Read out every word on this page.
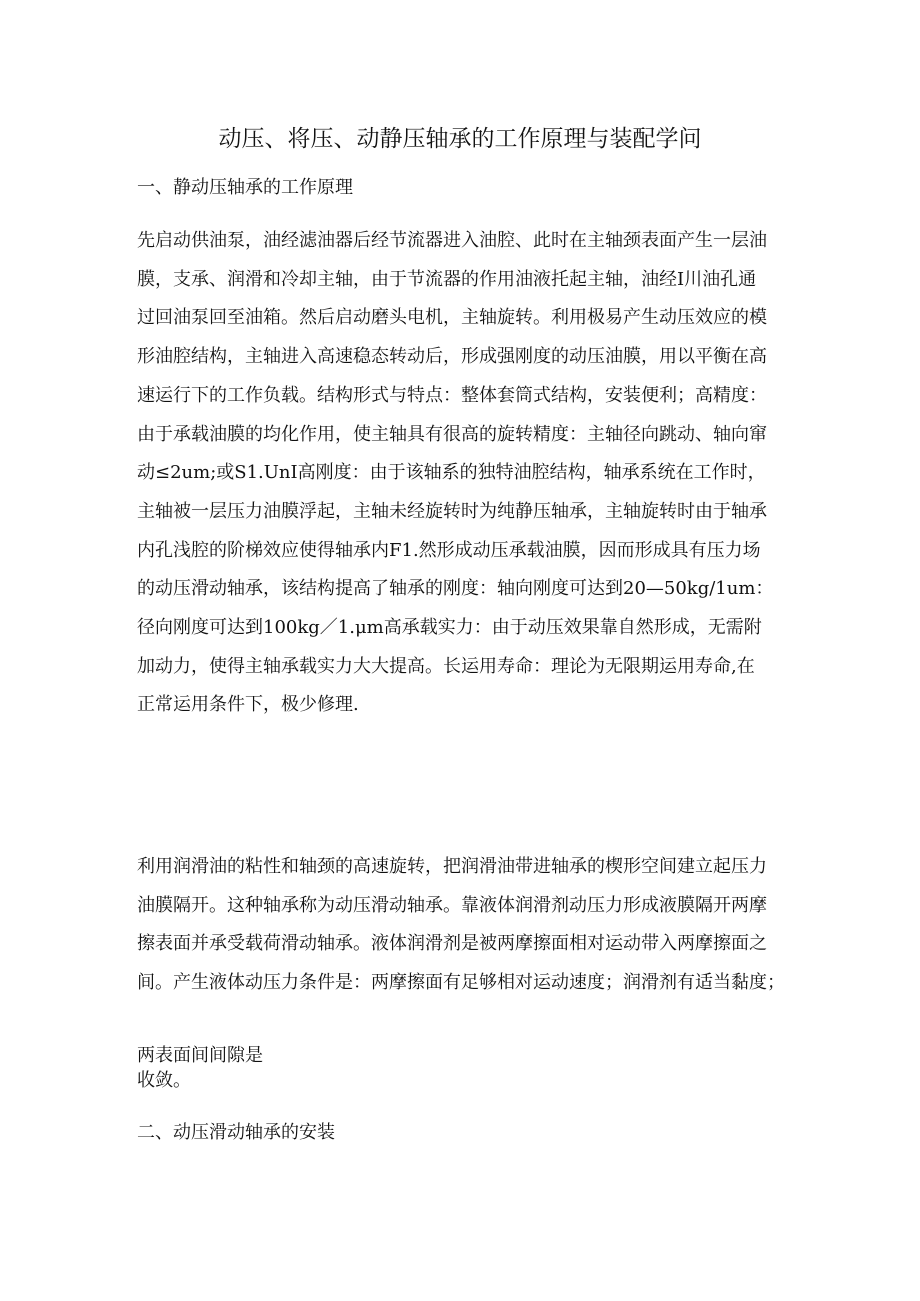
动压、将压、动静压轴承的工作原理与装配学问
一、静动压轴承的工作原理
先启动供油泵，油经滤油器后经节流器进入油腔、此时在主轴颈表面产生一层油
膜，支承、润滑和冷却主轴，由于节流器的作用油液托起主轴，油经I川油孔通
过回油泵回至油箱。然后启动磨头电机，主轴旋转。利用极易产生动压效应的模
形油腔结构，主轴进入高速稳态转动后，形成强刚度的动压油膜，用以平衡在高
速运行下的工作负载。结构形式与特点：整体套筒式结构，安装便利；高精度：
由于承载油膜的均化作用，使主轴具有很高的旋转精度：主轴径向跳动、轴向窜
动≤2um;或S1.UnI高刚度：由于该轴系的独特油腔结构，轴承系统在工作时，
主轴被一层压力油膜浮起，主轴未经旋转时为纯静压轴承，主轴旋转时由于轴承
内孔浅腔的阶梯效应使得轴承内F1.然形成动压承载油膜，因而形成具有压力场
的动压滑动轴承，该结构提高了轴承的刚度：轴向刚度可达到20—50kg/1um：
径向刚度可达到100kg／1.μm高承载实力：由于动压效果靠自然形成，无需附
加动力，使得主轴承载实力大大提高。长运用寿命：理论为无限期运用寿命,在
正常运用条件下，极少修理.
利用润滑油的粘性和轴颈的高速旋转，把润滑油带进轴承的楔形空间建立起压力
油膜隔开。这种轴承称为动压滑动轴承。靠液体润滑剂动压力形成液膜隔开两摩
擦表面并承受载荷滑动轴承。液体润滑剂是被两摩擦面相对运动带入两摩擦面之
间。产生液体动压力条件是：两摩擦面有足够相对运动速度；润滑剂有适当黏度；
两表面间间隙是
收敛。
二、动压滑动轴承的安装
